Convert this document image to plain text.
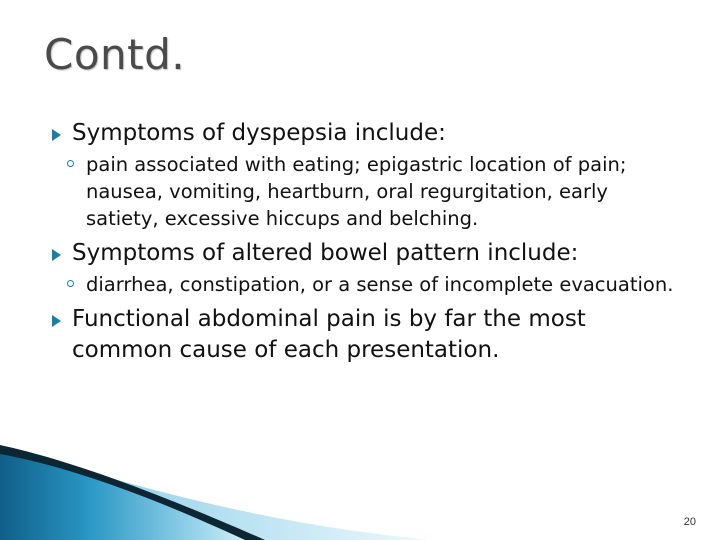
Contd.
Symptoms of dyspepsia include:
pain associated with eating; epigastric location of pain; nausea, vomiting, heartburn, oral regurgitation, early satiety, excessive hiccups and belching.
Symptoms of altered bowel pattern include:
diarrhea, constipation, or a sense of incomplete evacuation.
Functional abdominal pain is by far the most common cause of each presentation.
20
